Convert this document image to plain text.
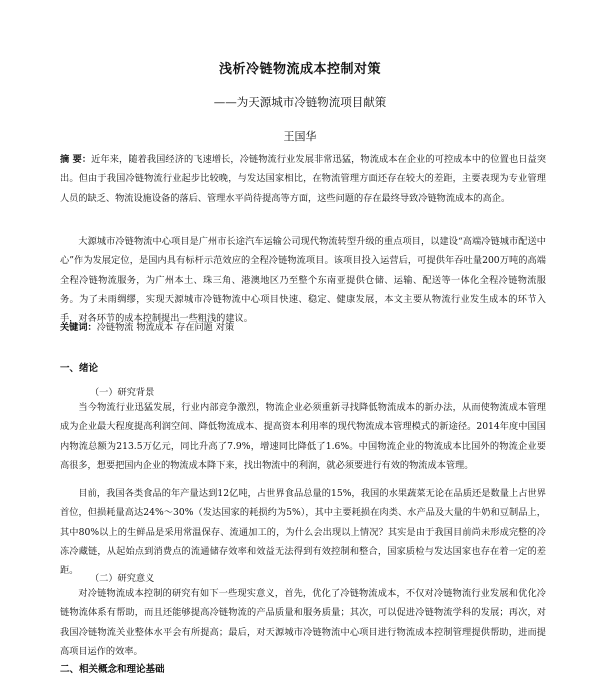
浅析冷链物流成本控制对策
——为天源城市冷链物流项目献策
王国华

摘 要：近年来，随着我国经济的飞速增长，冷链物流行业发展非常迅猛，物流成本在企业的可控成本中的位置也日益突出。但由于我国冷链物流行业起步比较晚，与发达国家相比，在物流管理方面还存在较大的差距，主要表现为专业管理人员的缺乏、物流设施设备的落后、管理水平尚待提高等方面，这些问题的存在最终导致冷链物流成本的高企。

大源城市冷链物流中心项目是广州市长途汽车运输公司现代物流转型升级的重点项目，以建设“高端冷链城市配送中心”作为发展定位，是国内具有标杆示范效应的全程冷链物流项目。该项目投入运营后，可提供年吞吐量200万吨的高端全程冷链物流服务，为广州本土、珠三角、港澳地区乃至整个东南亚提供仓储、运输、配送等一体化全程冷链物流服务。为了未雨绸缪，实现天源城市冷链物流中心项目快速、稳定、健康发展，本文主要从物流行业发生成本的环节入手，对各环节的成本控制提出一些粗浅的建议。

关键词：冷链物流 物流成本 存在问题 对策

一、绪论
（一）研究背景

当今物流行业迅猛发展，行业内部竞争激烈，物流企业必须重新寻找降低物流成本的新办法，从而使物流成本管理成为企业最大程度提高利润空间、降低物流成本、提高资本利用率的现代物流成本管理模式的新途径。2014年度中国国内物流总额为213.5万亿元，同比升高了7.9%，增速同比降低了1.6%。中国物流企业的物流成本比国外的物流企业要高很多，想要把国内企业的物流成本降下来，找出物流中的利润，就必须要进行有效的物流成本管理。

目前，我国各类食品的年产量达到12亿吨，占世界食品总量的15%，我国的水果蔬菜无论在品质还是数量上占世界首位，但损耗量高达24%～30%（发达国家的耗损约为5%），其中主要耗损在肉类、水产品及大量的牛奶和豆制品上，其中80%以上的生鲜品是采用常温保存、流通加工的，为什么会出现以上情况？其实是由于我国目前尚未形成完整的冷冻冷藏链，从起始点到消费点的流通储存效率和效益无法得到有效控制和整合，国家质检与发达国家也存在着一定的差距。

（二）研究意义

对冷链物流成本控制的研究有如下一些现实意义，首先，优化了冷链物流成本，不仅对冷链物流行业发展和优化冷链物流体系有帮助，而且还能够提高冷链物流的产品质量和服务质量；其次，可以促进冷链物流学科的发展；再次，对我国冷链物流关业整体水平会有所提高；最后，对天源城市冷链物流中心项目进行物流成本控制管理提供帮助，进而提高项目运作的效率。

二、相关概念和理论基础
